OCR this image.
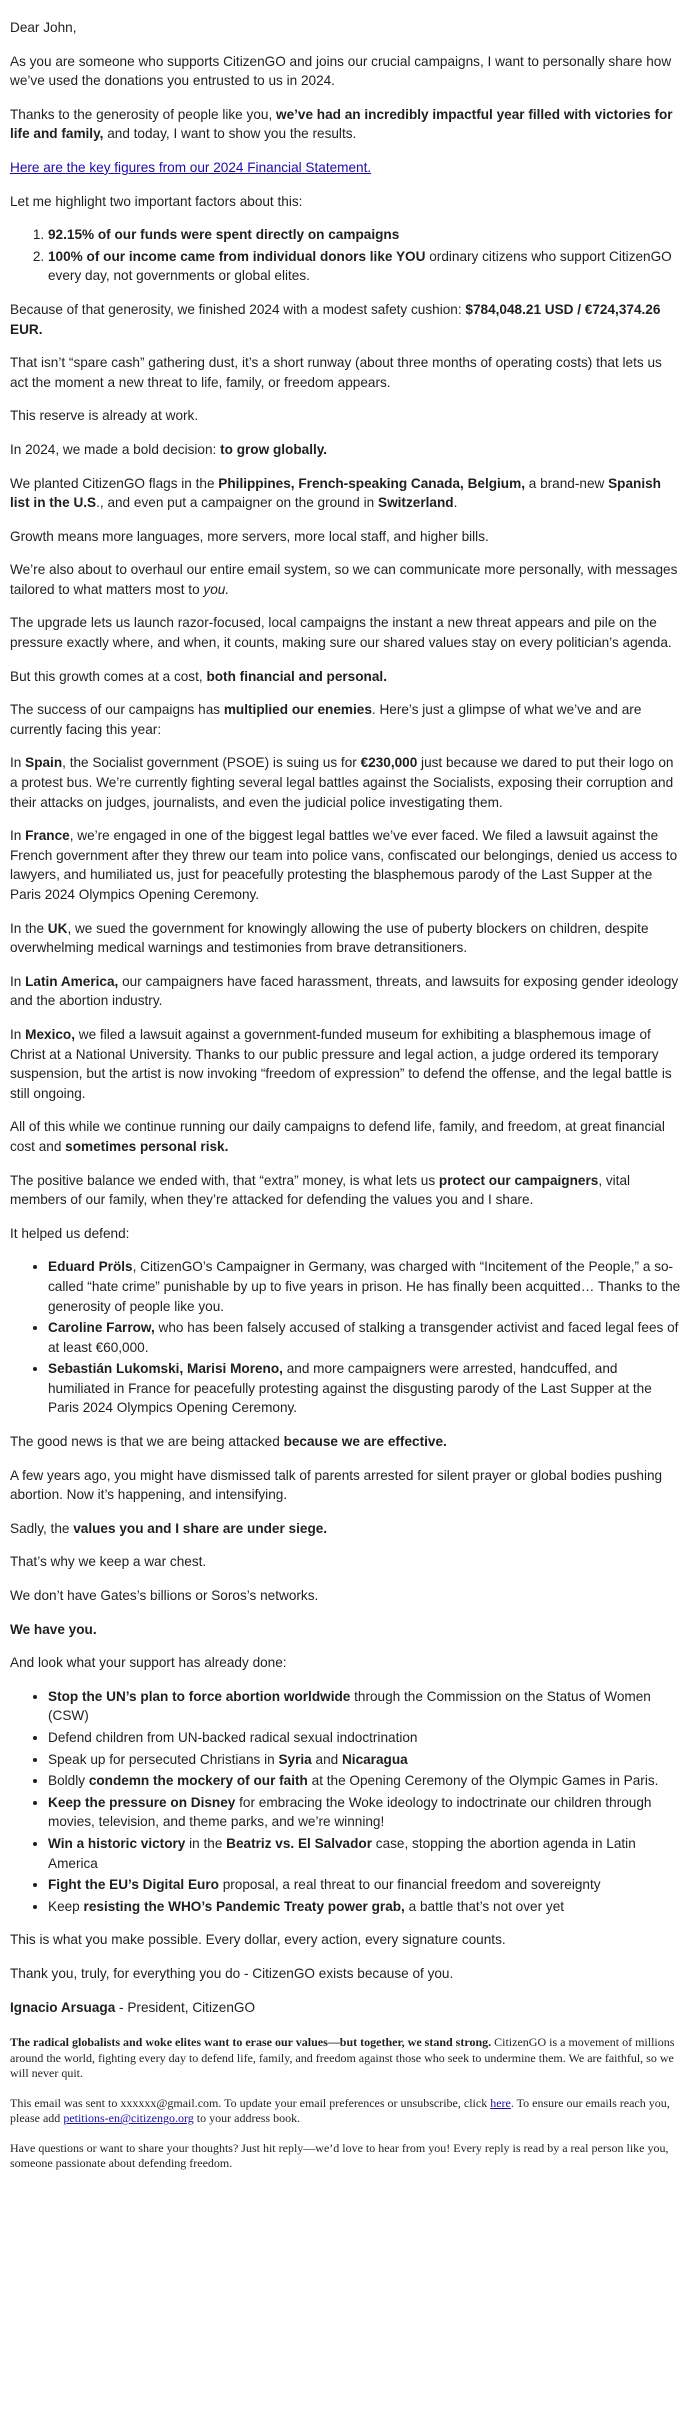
Dear John,

As you are someone who supports CitizenGO and joins our crucial campaigns, I want to personally share how we’ve used the donations you entrusted to us in 2024.

Thanks to the generosity of people like you, we’ve had an incredibly impactful year filled with victories for life and family, and today, I want to show you the results.

Here are the key figures from our 2024 Financial Statement.

Let me highlight two important factors about this:

1. 92.15% of our funds were spent directly on campaigns
2. 100% of our income came from individual donors like YOU ordinary citizens who support CitizenGO every day, not governments or global elites.

Because of that generosity, we finished 2024 with a modest safety cushion: $784,048.21 USD / €724,374.26 EUR.

That isn’t “spare cash” gathering dust, it’s a short runway (about three months of operating costs) that lets us act the moment a new threat to life, family, or freedom appears.

This reserve is already at work.

In 2024, we made a bold decision: to grow globally.

We planted CitizenGO flags in the Philippines, French-speaking Canada, Belgium, a brand-new Spanish list in the U.S., and even put a campaigner on the ground in Switzerland.

Growth means more languages, more servers, more local staff, and higher bills.

We’re also about to overhaul our entire email system, so we can communicate more personally, with messages tailored to what matters most to you.

The upgrade lets us launch razor-focused, local campaigns the instant a new threat appears and pile on the pressure exactly where, and when, it counts, making sure our shared values stay on every politician’s agenda.

But this growth comes at a cost, both financial and personal.

The success of our campaigns has multiplied our enemies. Here’s just a glimpse of what we’ve and are currently facing this year:

In Spain, the Socialist government (PSOE) is suing us for €230,000 just because we dared to put their logo on a protest bus. We’re currently fighting several legal battles against the Socialists, exposing their corruption and their attacks on judges, journalists, and even the judicial police investigating them.

In France, we’re engaged in one of the biggest legal battles we’ve ever faced. We filed a lawsuit against the French government after they threw our team into police vans, confiscated our belongings, denied us access to lawyers, and humiliated us, just for peacefully protesting the blasphemous parody of the Last Supper at the Paris 2024 Olympics Opening Ceremony.

In the UK, we sued the government for knowingly allowing the use of puberty blockers on children, despite overwhelming medical warnings and testimonies from brave detransitioners.

In Latin America, our campaigners have faced harassment, threats, and lawsuits for exposing gender ideology and the abortion industry.

In Mexico, we filed a lawsuit against a government-funded museum for exhibiting a blasphemous image of Christ at a National University. Thanks to our public pressure and legal action, a judge ordered its temporary suspension, but the artist is now invoking “freedom of expression” to defend the offense, and the legal battle is still ongoing.

All of this while we continue running our daily campaigns to defend life, family, and freedom, at great financial cost and sometimes personal risk.

The positive balance we ended with, that “extra” money, is what lets us protect our campaigners, vital members of our family, when they’re attacked for defending the values you and I share.

It helped us defend:

• Eduard Pröls, CitizenGO’s Campaigner in Germany, was charged with “Incitement of the People,” a so-called “hate crime” punishable by up to five years in prison. He has finally been acquitted… Thanks to the generosity of people like you.
• Caroline Farrow, who has been falsely accused of stalking a transgender activist and faced legal fees of at least €60,000.
• Sebastián Lukomski, Marisi Moreno, and more campaigners were arrested, handcuffed, and humiliated in France for peacefully protesting against the disgusting parody of the Last Supper at the Paris 2024 Olympics Opening Ceremony.

The good news is that we are being attacked because we are effective.

A few years ago, you might have dismissed talk of parents arrested for silent prayer or global bodies pushing abortion. Now it’s happening, and intensifying.

Sadly, the values you and I share are under siege.

That’s why we keep a war chest.

We don’t have Gates’s billions or Soros’s networks.

We have you.

And look what your support has already done:

• Stop the UN’s plan to force abortion worldwide through the Commission on the Status of Women (CSW)
• Defend children from UN-backed radical sexual indoctrination
• Speak up for persecuted Christians in Syria and Nicaragua
• Boldly condemn the mockery of our faith at the Opening Ceremony of the Olympic Games in Paris.
• Keep the pressure on Disney for embracing the Woke ideology to indoctrinate our children through movies, television, and theme parks, and we’re winning!
• Win a historic victory in the Beatriz vs. El Salvador case, stopping the abortion agenda in Latin America
• Fight the EU’s Digital Euro proposal, a real threat to our financial freedom and sovereignty
• Keep resisting the WHO’s Pandemic Treaty power grab, a battle that’s not over yet

This is what you make possible. Every dollar, every action, every signature counts.

Thank you, truly, for everything you do - CitizenGO exists because of you.

Ignacio Arsuaga - President, CitizenGO

The radical globalists and woke elites want to erase our values—but together, we stand strong. CitizenGO is a movement of millions around the world, fighting every day to defend life, family, and freedom against those who seek to undermine them. We are faithful, so we will never quit.

This email was sent to xxxxxx@gmail.com. To update your email preferences or unsubscribe, click here. To ensure our emails reach you, please add petitions-en@citizengo.org to your address book.

Have questions or want to share your thoughts? Just hit reply—we’d love to hear from you! Every reply is read by a real person like you, someone passionate about defending freedom.
